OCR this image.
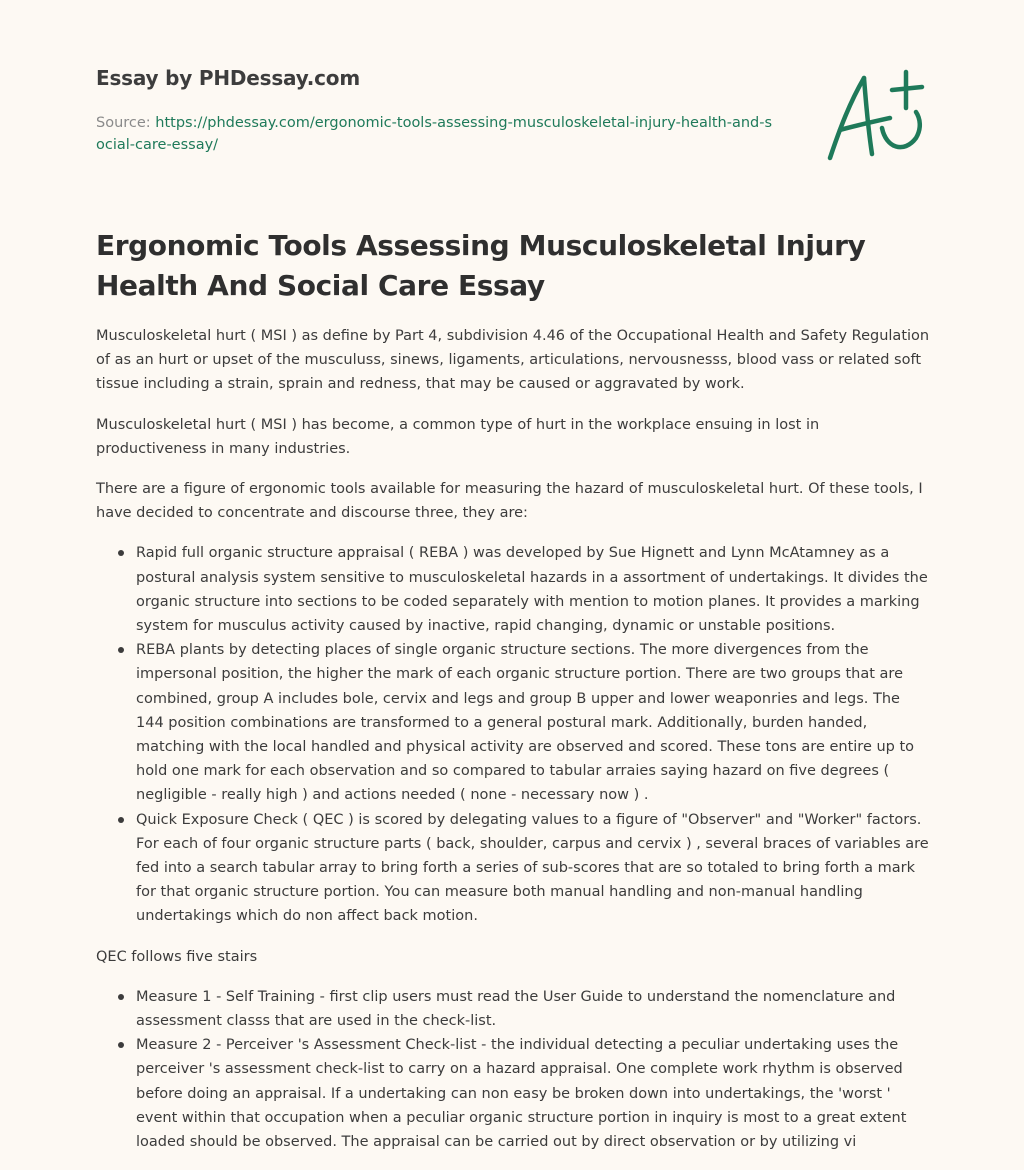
Essay by PHDessay.com
Source: https://phdessay.com/ergonomic-tools-assessing-musculoskeletal-injury-health-and-social-care-essay/
Ergonomic Tools Assessing Musculoskeletal Injury Health And Social Care Essay

Musculoskeletal hurt ( MSI ) as define by Part 4, subdivision 4.46 of the Occupational Health and Safety Regulation of as an hurt or upset of the musculuss, sinews, ligaments, articulations, nervousnesss, blood vass or related soft tissue including a strain, sprain and redness, that may be caused or aggravated by work.

Musculoskeletal hurt ( MSI ) has become, a common type of hurt in the workplace ensuing in lost in productiveness in many industries.

There are a figure of ergonomic tools available for measuring the hazard of musculoskeletal hurt. Of these tools, I have decided to concentrate and discourse three, they are:

Rapid full organic structure appraisal ( REBA ) was developed by Sue Hignett and Lynn McAtamney as a postural analysis system sensitive to musculoskeletal hazards in a assortment of undertakings. It divides the organic structure into sections to be coded separately with mention to motion planes. It provides a marking system for musculus activity caused by inactive, rapid changing, dynamic or unstable positions.
REBA plants by detecting places of single organic structure sections. The more divergences from the impersonal position, the higher the mark of each organic structure portion. There are two groups that are combined, group A includes bole, cervix and legs and group B upper and lower weaponries and legs. The 144 position combinations are transformed to a general postural mark. Additionally, burden handed, matching with the local handled and physical activity are observed and scored. These tons are entire up to hold one mark for each observation and so compared to tabular arraies saying hazard on five degrees ( negligible - really high ) and actions needed ( none - necessary now ) .
Quick Exposure Check ( QEC ) is scored by delegating values to a figure of "Observer" and "Worker" factors. For each of four organic structure parts ( back, shoulder, carpus and cervix ) , several braces of variables are fed into a search tabular array to bring forth a series of sub-scores that are so totaled to bring forth a mark for that organic structure portion. You can measure both manual handling and non-manual handling undertakings which do non affect back motion.

QEC follows five stairs

Measure 1 - Self Training - first clip users must read the User Guide to understand the nomenclature and assessment classs that are used in the check-list.
Measure 2 - Perceiver 's Assessment Check-list - the individual detecting a peculiar undertaking uses the perceiver 's assessment check-list to carry on a hazard appraisal. One complete work rhythm is observed before doing an appraisal. If a undertaking can non easy be broken down into undertakings, the 'worst ' event within that occupation when a peculiar organic structure portion in inquiry is most to a great extent loaded should be observed. The appraisal can be carried out by direct observation or by utilizing vi
